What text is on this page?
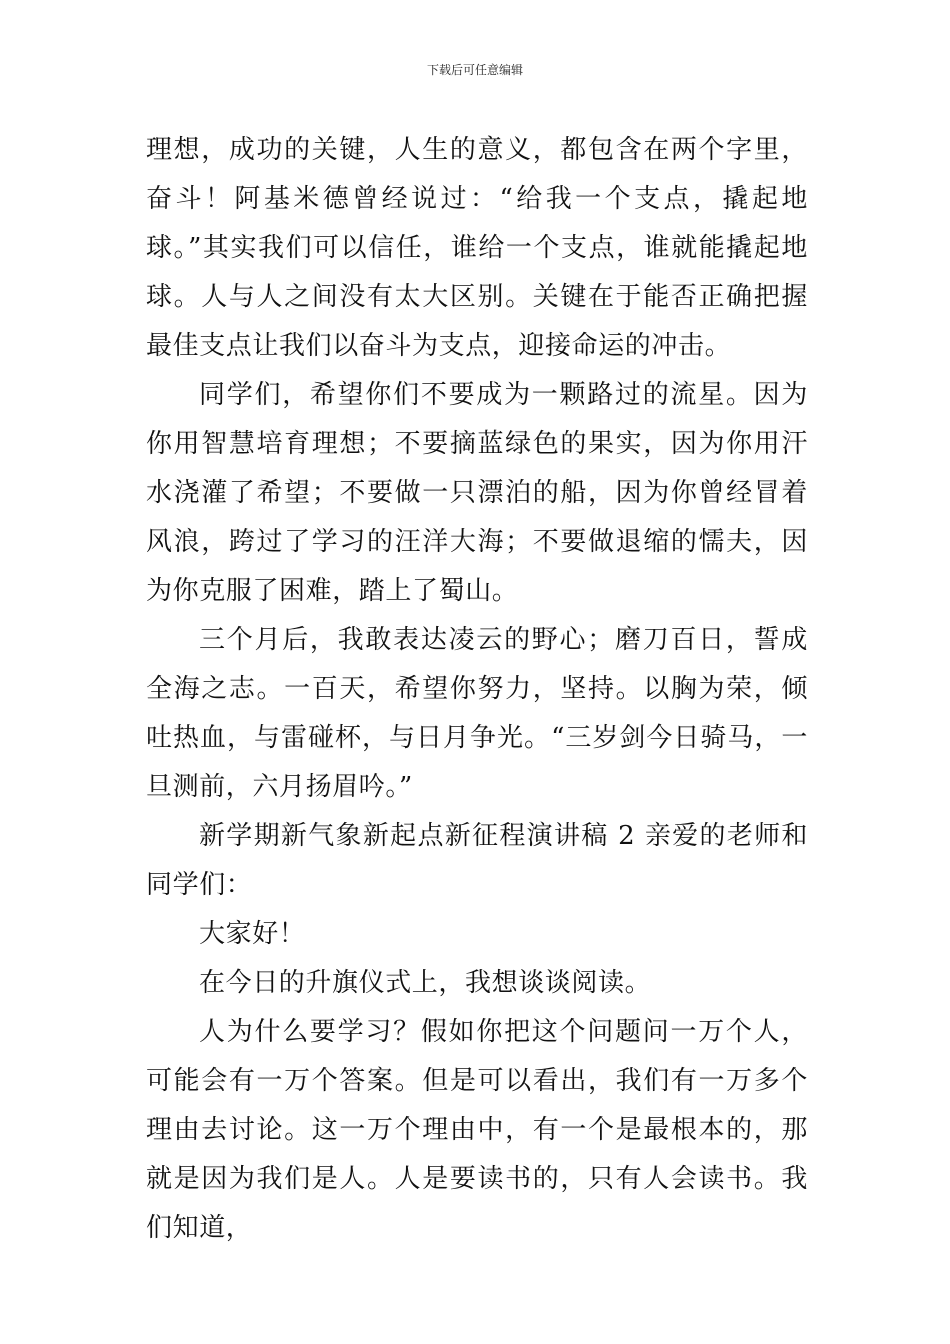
下载后可任意编辑

理想，成功的关键，人生的意义，都包含在两个字里，奋斗！阿基米德曾经说过：“给我一个支点，撬起地球。”其实我们可以信任，谁给一个支点，谁就能撬起地球。人与人之间没有太大区别。关键在于能否正确把握最佳支点让我们以奋斗为支点，迎接命运的冲击。

同学们，希望你们不要成为一颗路过的流星。因为你用智慧培育理想；不要摘蓝绿色的果实，因为你用汗水浇灌了希望；不要做一只漂泊的船，因为你曾经冒着风浪，跨过了学习的汪洋大海；不要做退缩的懦夫，因为你克服了困难，踏上了蜀山。

三个月后，我敢表达凌云的野心；磨刀百日，誓成全海之志。一百天，希望你努力，坚持。以胸为荣，倾吐热血，与雷碰杯，与日月争光。“三岁剑今日骑马，一旦测前，六月扬眉吟。”

新学期新气象新起点新征程演讲稿 2 亲爱的老师和同学们：

大家好！

在今日的升旗仪式上，我想谈谈阅读。

人为什么要学习？假如你把这个问题问一万个人，可能会有一万个答案。但是可以看出，我们有一万多个理由去讨论。这一万个理由中，有一个是最根本的，那就是因为我们是人。人是要读书的，只有人会读书。我们知道，
